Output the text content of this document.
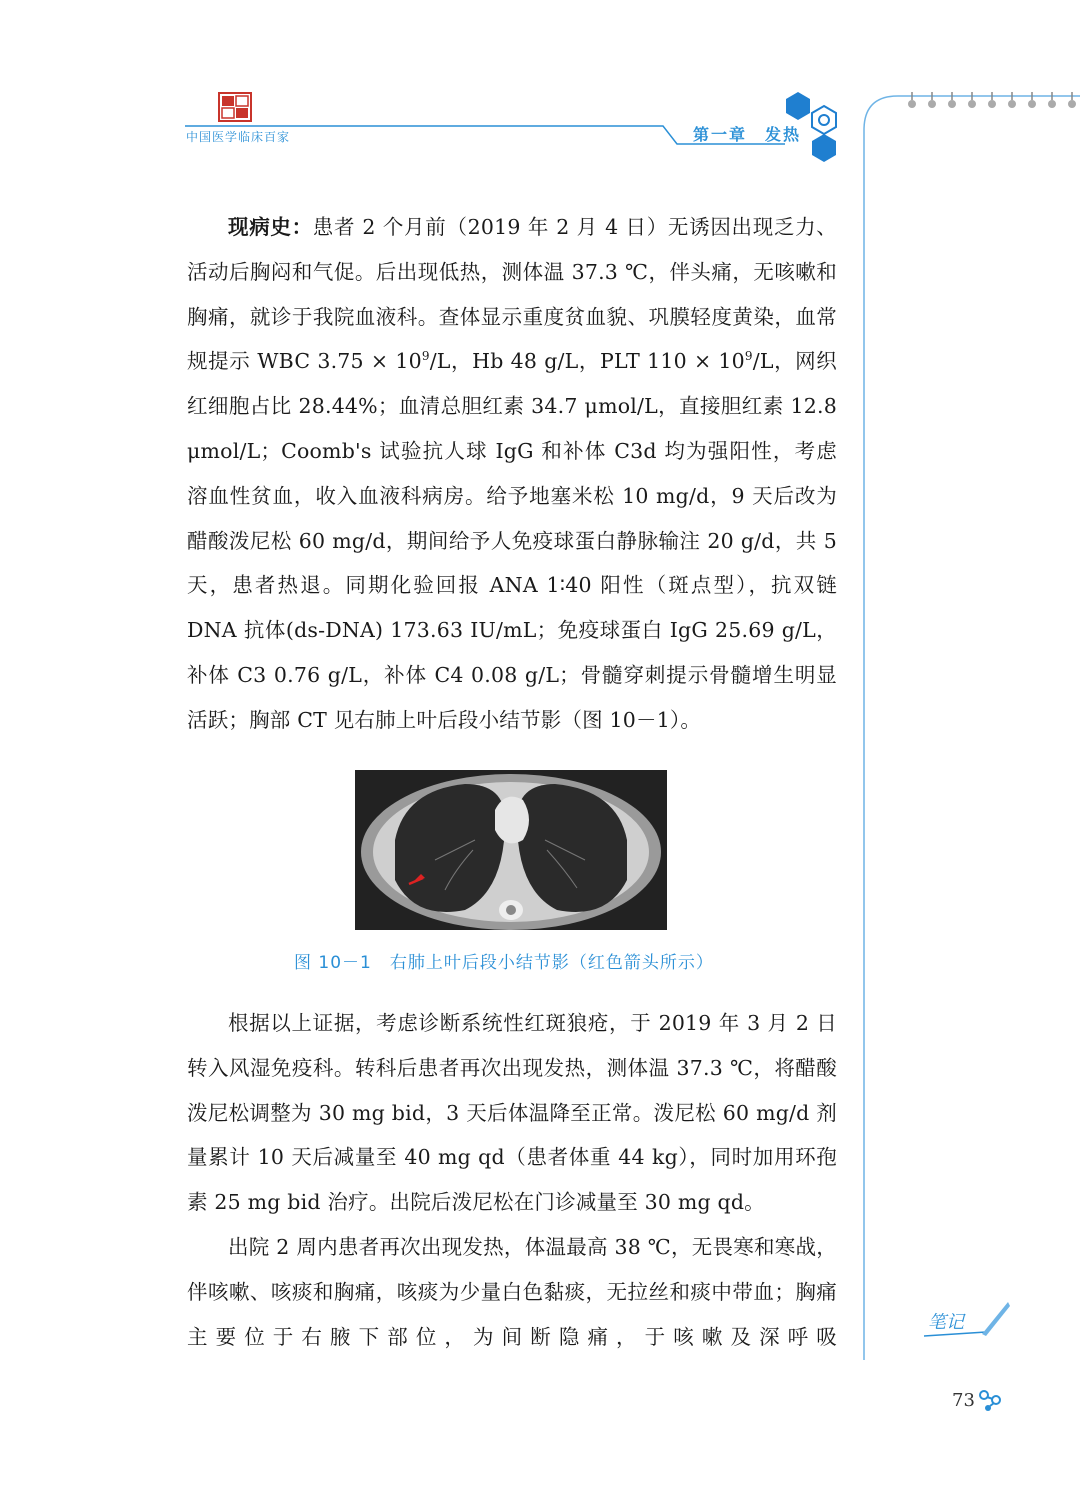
中国医学临床百家	第一章　发热

现病史：患者 2 个月前（2019 年 2 月 4 日）无诱因出现乏力、活动后胸闷和气促。后出现低热，测体温 37.3 ℃，伴头痛，无咳嗽和胸痛，就诊于我院血液科。查体显示重度贫血貌、巩膜轻度黄染，血常规提示 WBC $3.75 \times 10^9/L$，Hb 48 g/L，PLT $110 \times 10^9/L$，网织红细胞占比 28.44%；血清总胆红素 34.7 μmol/L，直接胆红素 12.8 μmol/L；Coomb's 试验抗人球 IgG 和补体 C3d 均为强阳性，考虑溶血性贫血，收入血液科病房。给予地塞米松 10 mg/d，9 天后改为醋酸泼尼松 60 mg/d，期间给予人免疫球蛋白静脉输注 20 g/d，共 5 天，患者热退。同期化验回报 ANA 1∶40 阳性（斑点型），抗双链 DNA 抗体(ds-DNA) 173.63 IU/mL；免疫球蛋白 IgG 25.69 g/L，补体 C3 0.76 g/L，补体 C4 0.08 g/L；骨髓穿刺提示骨髓增生明显活跃；胸部 CT 见右肺上叶后段小结节影（图 10－1）。

图 10－1　右肺上叶后段小结节影（红色箭头所示）

根据以上证据，考虑诊断系统性红斑狼疮，于 2019 年 3 月 2 日转入风湿免疫科。转科后患者再次出现发热，测体温 37.3 ℃，将醋酸泼尼松调整为 30 mg bid，3 天后体温降至正常。泼尼松 60 mg/d 剂量累计 10 天后减量至 40 mg qd（患者体重 44 kg），同时加用环孢素 25 mg bid 治疗。出院后泼尼松在门诊减量至 30 mg qd。

出院 2 周内患者再次出现发热，体温最高 38 ℃，无畏寒和寒战，伴咳嗽、咳痰和胸痛，咳痰为少量白色黏痰，无拉丝和痰中带血；胸痛主要位于右腋下部位，为间断隐痛，于咳嗽及深呼吸

笔记
73
